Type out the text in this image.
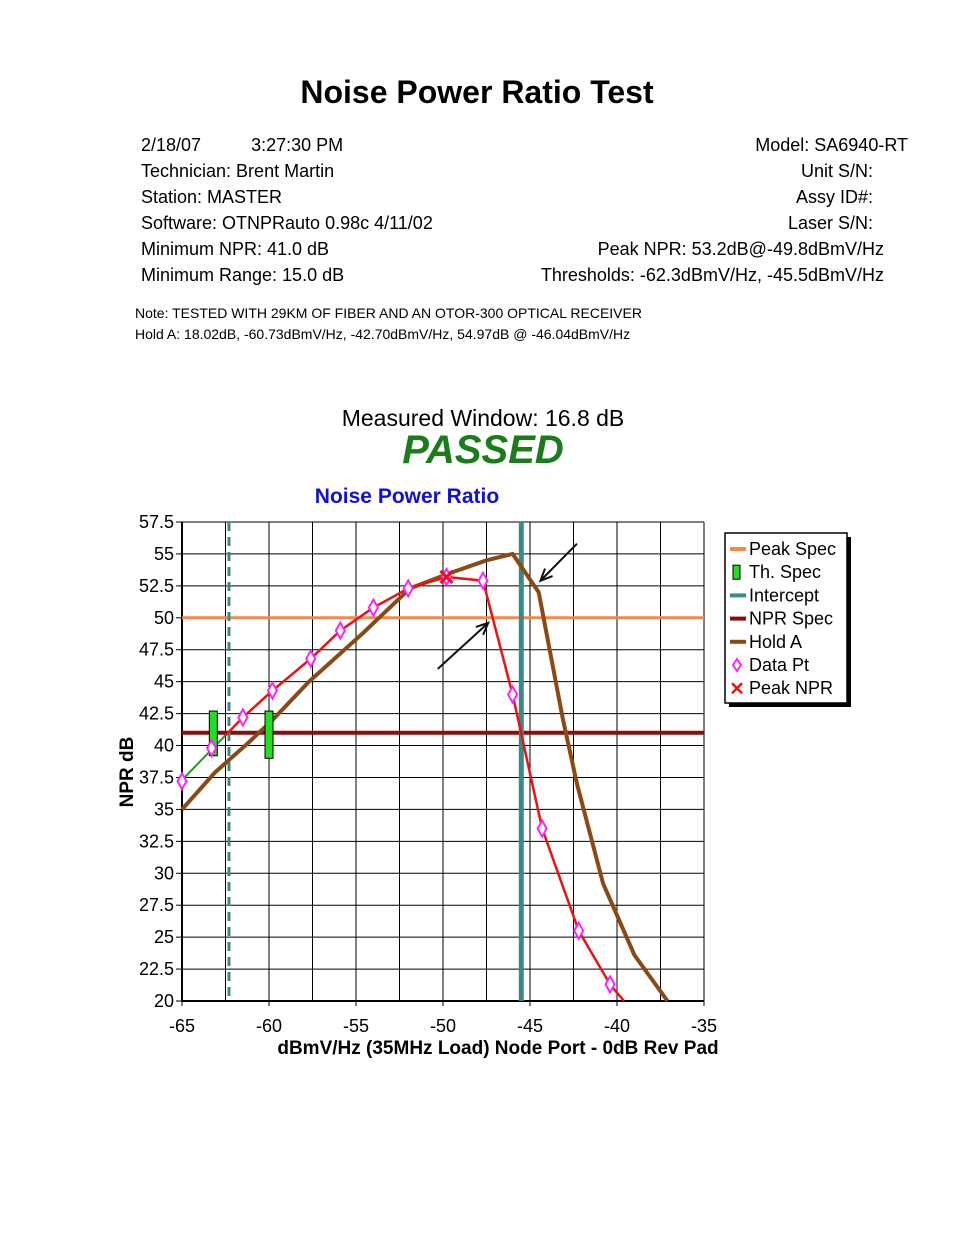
Noise Power Ratio Test
2/18/07	3:27:30 PM
Technician: Brent Martin
Station: MASTER
Software: OTNPRauto 0.98c 4/11/02
Minimum NPR: 41.0 dB
Minimum Range: 15.0 dB
Model: SA6940-RT
Unit S/N:
Assy ID#:
Laser S/N:
Peak NPR: 53.2dB@-49.8dBmV/Hz
Thresholds: -62.3dBmV/Hz, -45.5dBmV/Hz
Note: TESTED WITH 29KM OF FIBER AND AN OTOR-300 OPTICAL RECEIVER
Hold A: 18.02dB, -60.73dBmV/Hz, -42.70dBmV/Hz, 54.97dB @ -46.04dBmV/Hz
Measured Window: 16.8 dB
PASSED
Noise Power Ratio
20
22.5
25
27.5
30
32.5
35
37.5
40
42.5
45
47.5
50
52.5
55
57.5
-65	-60	-55	-50	-45	-40	-35
dBmV/Hz (35MHz Load) Node Port - 0dB Rev Pad
NPR dB
Peak Spec
Th. Spec
Intercept
NPR Spec
Hold A
Data Pt
Peak NPR
